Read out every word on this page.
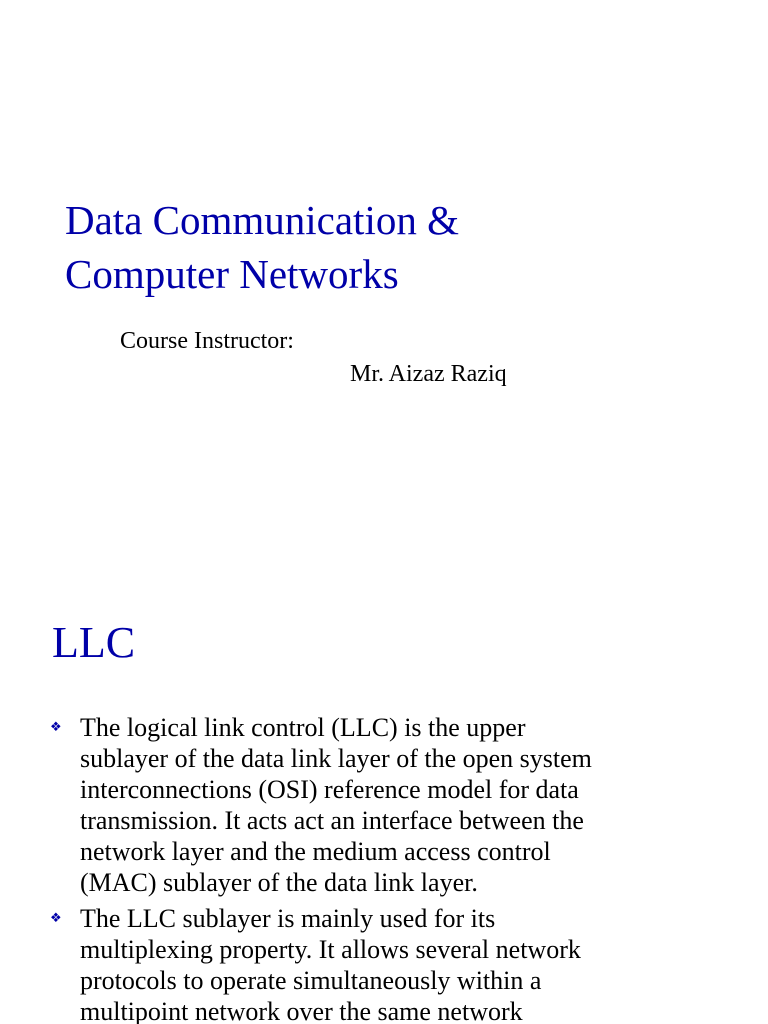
Data Communication &
Computer Networks

Course Instructor:

Mr. Aizaz Raziq

LLC
❖ The logical link control (LLC) is the upper
sublayer of the data link layer of the open system
interconnections (OSI) reference model for data
transmission. It acts act an interface between the
network layer and the medium access control
(MAC) sublayer of the data link layer.
❖ The LLC sublayer is mainly used for its
multiplexing property. It allows several network
protocols to operate simultaneously within a
multipoint network over the same network
